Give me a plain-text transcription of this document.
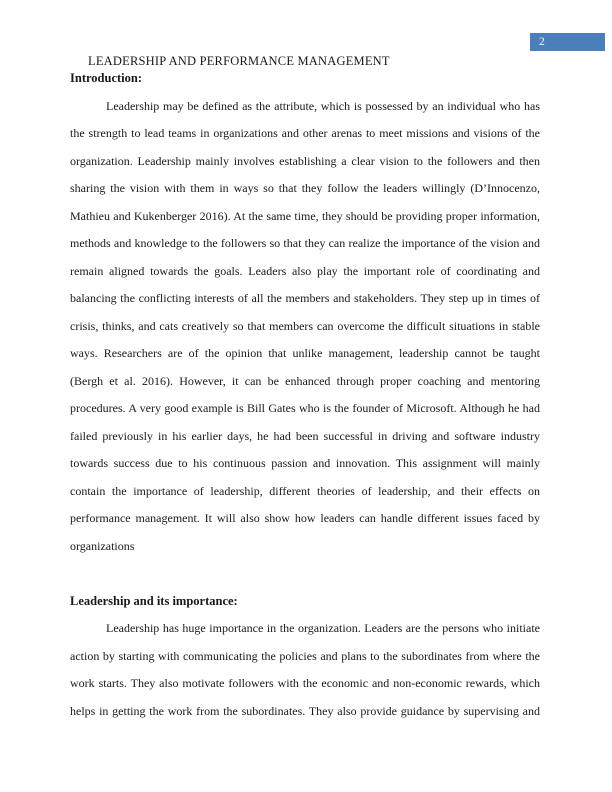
2
LEADERSHIP AND PERFORMANCE MANAGEMENT
Introduction:
Leadership may be defined as the attribute, which is possessed by an individual who has
the strength to lead teams in organizations and other arenas to meet missions and visions of the
organization. Leadership mainly involves establishing a clear vision to the followers and then
sharing the vision with them in ways so that they follow the leaders willingly (D’Innocenzo,
Mathieu and Kukenberger 2016). At the same time, they should be providing proper information,
methods and knowledge to the followers so that they can realize the importance of the vision and
remain aligned towards the goals. Leaders also play the important role of coordinating and
balancing the conflicting interests of all the members and stakeholders. They step up in times of
crisis, thinks, and cats creatively so that members can overcome the difficult situations in stable
ways. Researchers are of the opinion that unlike management, leadership cannot be taught
(Bergh et al. 2016). However, it can be enhanced through proper coaching and mentoring
procedures. A very good example is Bill Gates who is the founder of Microsoft. Although he had
failed previously in his earlier days, he had been successful in driving and software industry
towards success due to his continuous passion and innovation. This assignment will mainly
contain the importance of leadership, different theories of leadership, and their effects on
performance management. It will also show how leaders can handle different issues faced by
organizations
Leadership and its importance:
Leadership has huge importance in the organization. Leaders are the persons who initiate
action by starting with communicating the policies and plans to the subordinates from where the
work starts. They also motivate followers with the economic and non-economic rewards, which
helps in getting the work from the subordinates. They also provide guidance by supervising and
